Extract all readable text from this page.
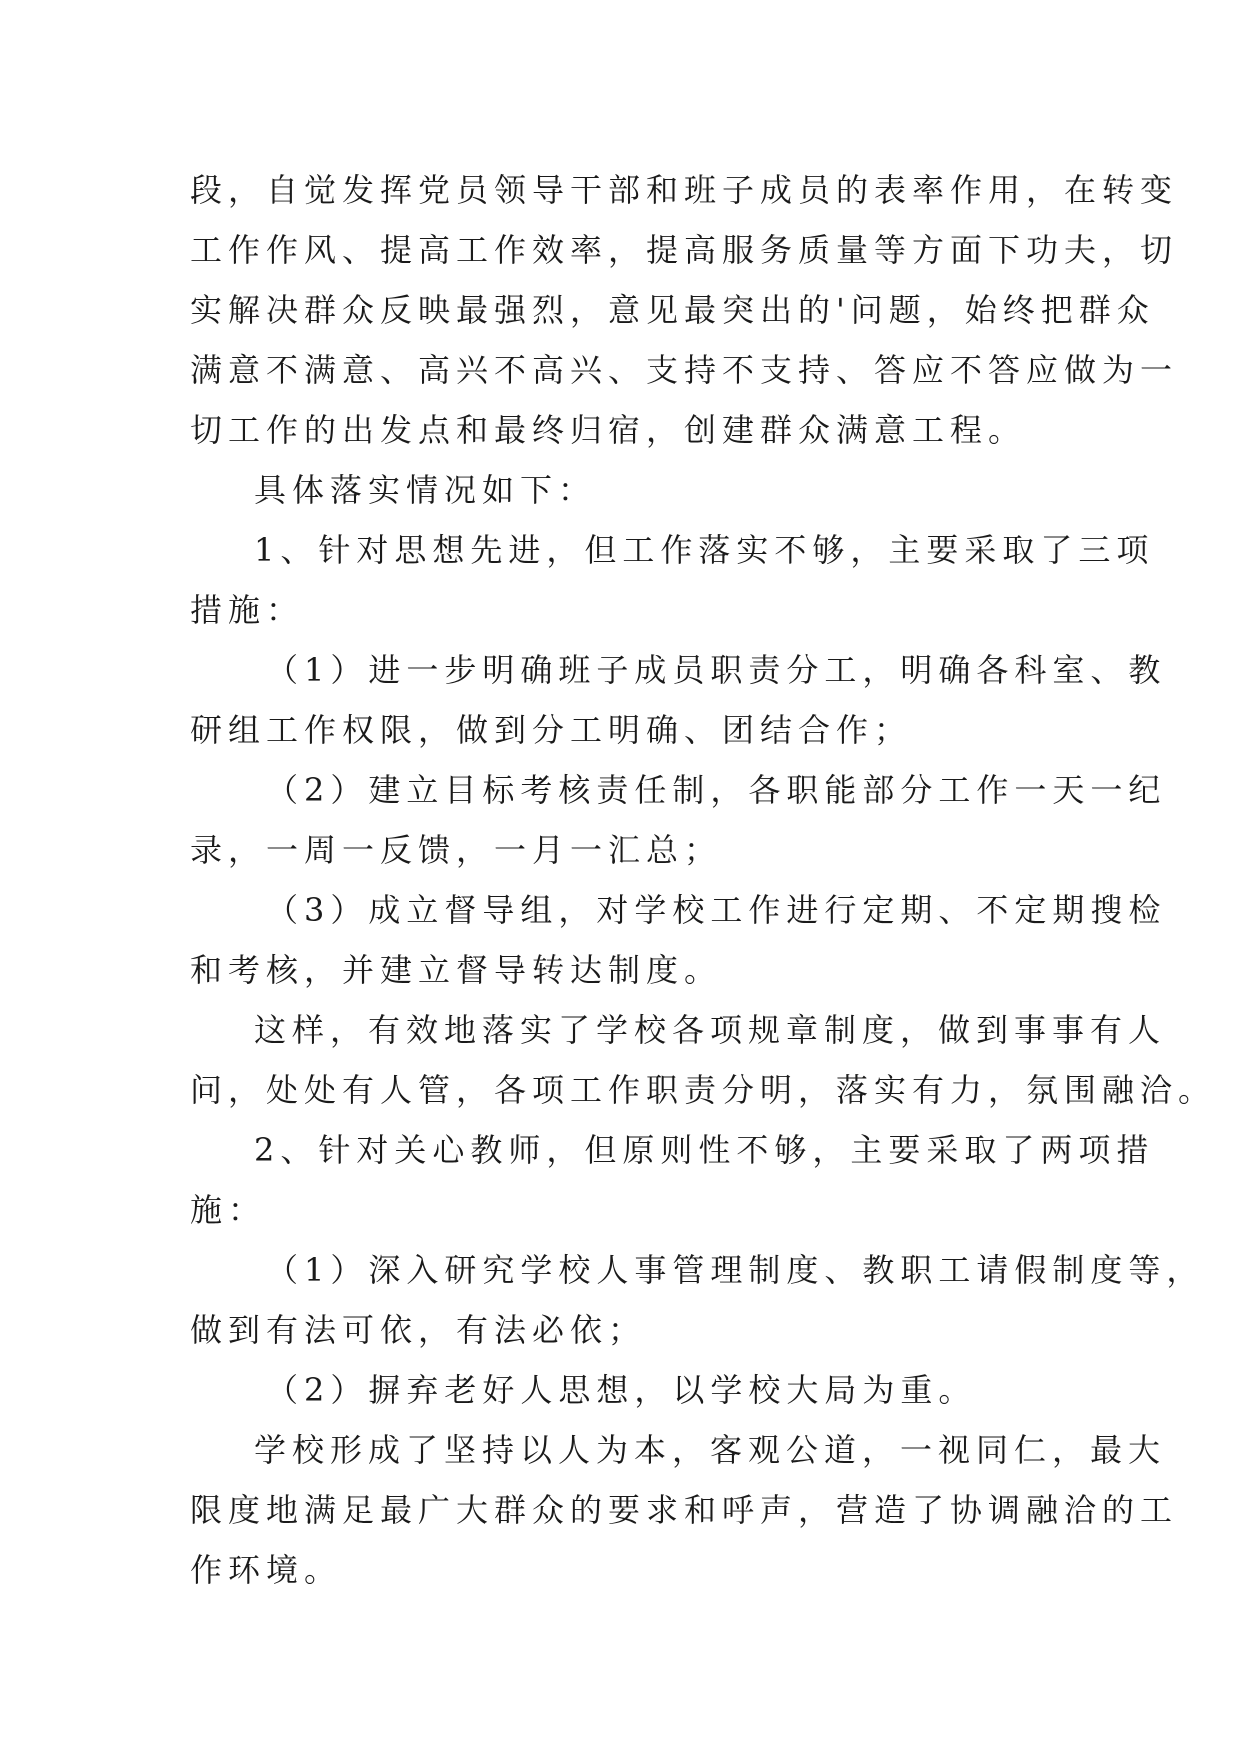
段，自觉发挥党员领导干部和班子成员的表率作用，在转变
工作作风、提高工作效率，提高服务质量等方面下功夫，切
实解决群众反映最强烈，意见最突出的'问题，始终把群众
满意不满意、高兴不高兴、支持不支持、答应不答应做为一
切工作的出发点和最终归宿，创建群众满意工程。
具体落实情况如下：
1、针对思想先进，但工作落实不够，主要采取了三项
措施：
（1）进一步明确班子成员职责分工，明确各科室、教
研组工作权限，做到分工明确、团结合作；
（2）建立目标考核责任制，各职能部分工作一天一纪
录，一周一反馈，一月一汇总；
（3）成立督导组，对学校工作进行定期、不定期搜检
和考核，并建立督导转达制度。
这样，有效地落实了学校各项规章制度，做到事事有人
问，处处有人管，各项工作职责分明，落实有力，氛围融洽。
2、针对关心教师，但原则性不够，主要采取了两项措
施：
（1）深入研究学校人事管理制度、教职工请假制度等，
做到有法可依，有法必依；
（2）摒弃老好人思想，以学校大局为重。
学校形成了坚持以人为本，客观公道，一视同仁，最大
限度地满足最广大群众的要求和呼声，营造了协调融洽的工
作环境。
